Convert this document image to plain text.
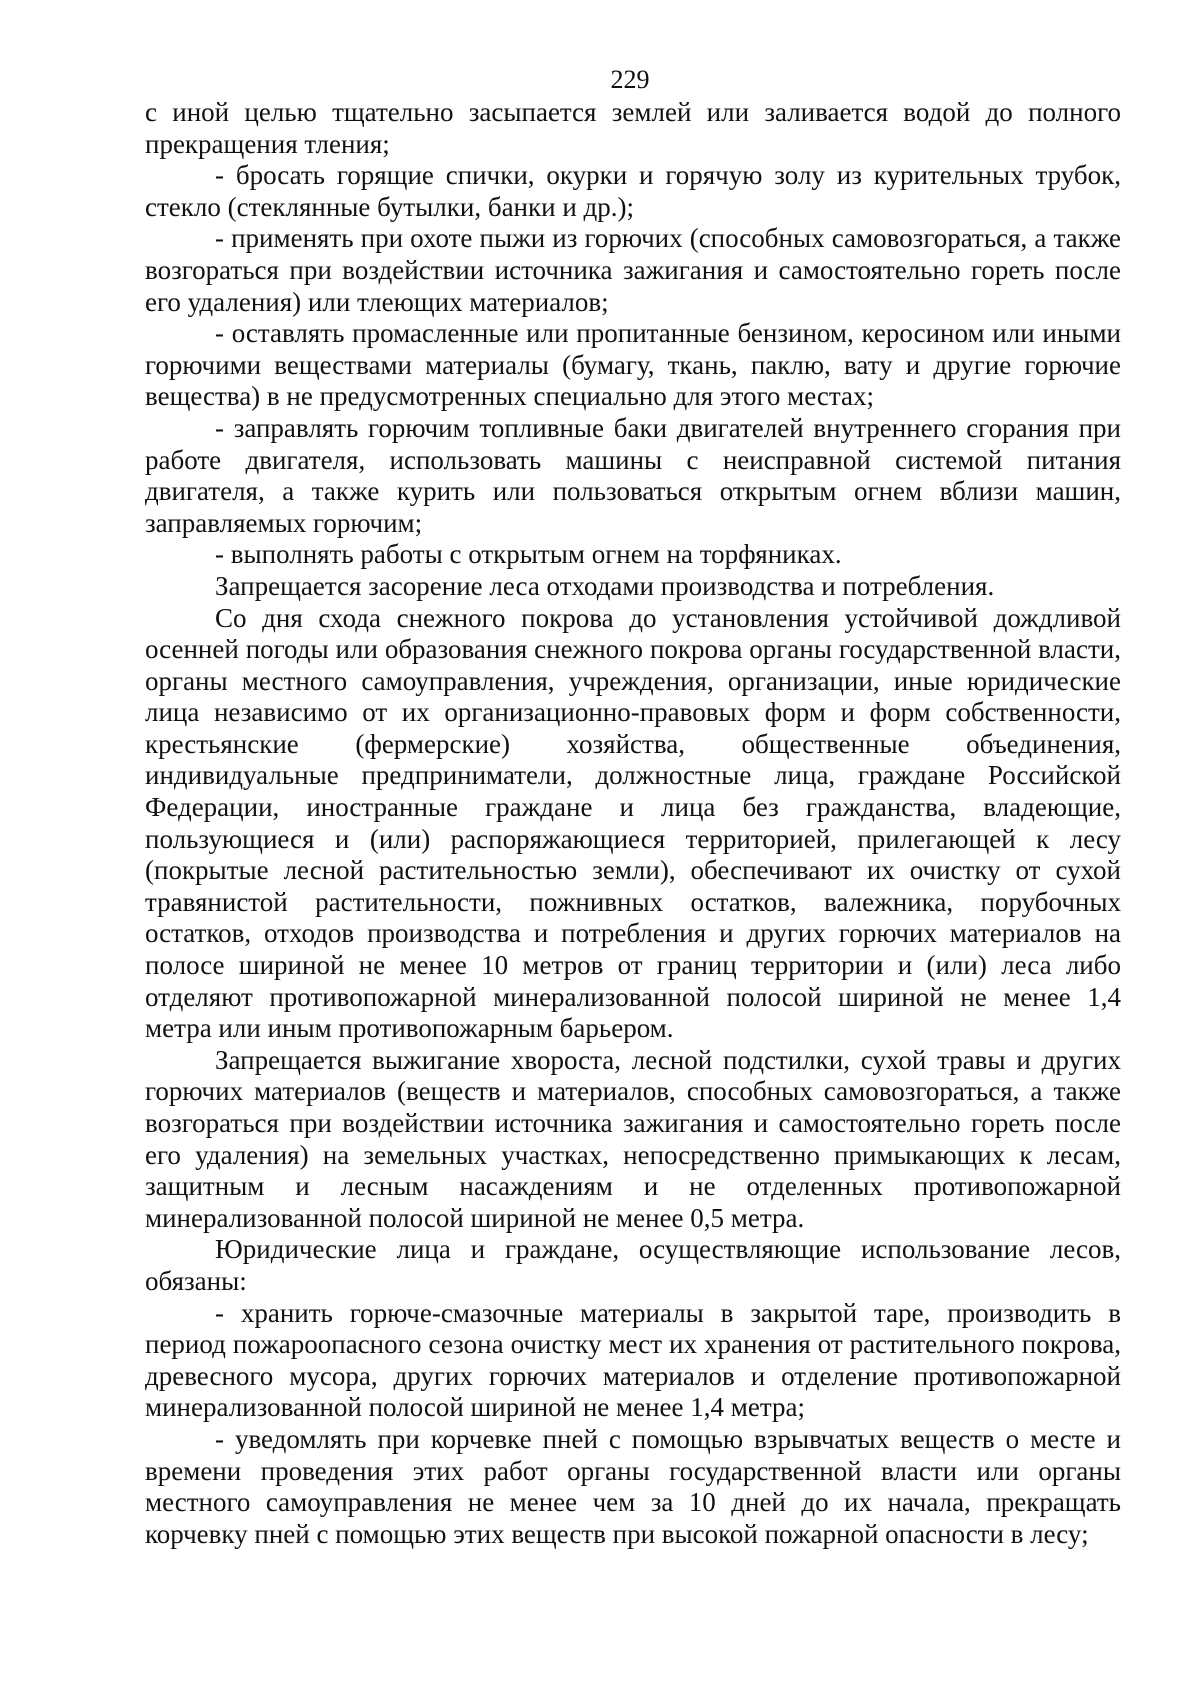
229

с иной целью тщательно засыпается землей или заливается водой до полного прекращения тления;

- бросать горящие спички, окурки и горячую золу из курительных трубок, стекло (стеклянные бутылки, банки и др.);

- применять при охоте пыжи из горючих (способных самовозгораться, а также возгораться при воздействии источника зажигания и самостоятельно гореть после его удаления) или тлеющих материалов;

- оставлять промасленные или пропитанные бензином, керосином или иными горючими веществами материалы (бумагу, ткань, паклю, вату и другие горючие вещества) в не предусмотренных специально для этого местах;

- заправлять горючим топливные баки двигателей внутреннего сгорания при работе двигателя, использовать машины с неисправной системой питания двигателя, а также курить или пользоваться открытым огнем вблизи машин, заправляемых горючим;

- выполнять работы с открытым огнем на торфяниках.

Запрещается засорение леса отходами производства и потребления.

Со дня схода снежного покрова до установления устойчивой дождливой осенней погоды или образования снежного покрова органы государственной власти, органы местного самоуправления, учреждения, организации, иные юридические лица независимо от их организационно-правовых форм и форм собственности, крестьянские (фермерские) хозяйства, общественные объединения, индивидуальные предприниматели, должностные лица, граждане Российской Федерации, иностранные граждане и лица без гражданства, владеющие, пользующиеся и (или) распоряжающиеся территорией, прилегающей к лесу (покрытые лесной растительностью земли), обеспечивают их очистку от сухой травянистой растительности, пожнивных остатков, валежника, порубочных остатков, отходов производства и потребления и других горючих материалов на полосе шириной не менее 10 метров от границ территории и (или) леса либо отделяют противопожарной минерализованной полосой шириной не менее 1,4 метра или иным противопожарным барьером.

Запрещается выжигание хвороста, лесной подстилки, сухой травы и других горючих материалов (веществ и материалов, способных самовозгораться, а также возгораться при воздействии источника зажигания и самостоятельно гореть после его удаления) на земельных участках, непосредственно примыкающих к лесам, защитным и лесным насаждениям и не отделенных противопожарной минерализованной полосой шириной не менее 0,5 метра.

Юридические лица и граждане, осуществляющие использование лесов, обязаны:

- хранить горюче-смазочные материалы в закрытой таре, производить в период пожароопасного сезона очистку мест их хранения от растительного покрова, древесного мусора, других горючих материалов и отделение противопожарной минерализованной полосой шириной не менее 1,4 метра;

- уведомлять при корчевке пней с помощью взрывчатых веществ о месте и времени проведения этих работ органы государственной власти или органы местного самоуправления не менее чем за 10 дней до их начала, прекращать корчевку пней с помощью этих веществ при высокой пожарной опасности в лесу;
